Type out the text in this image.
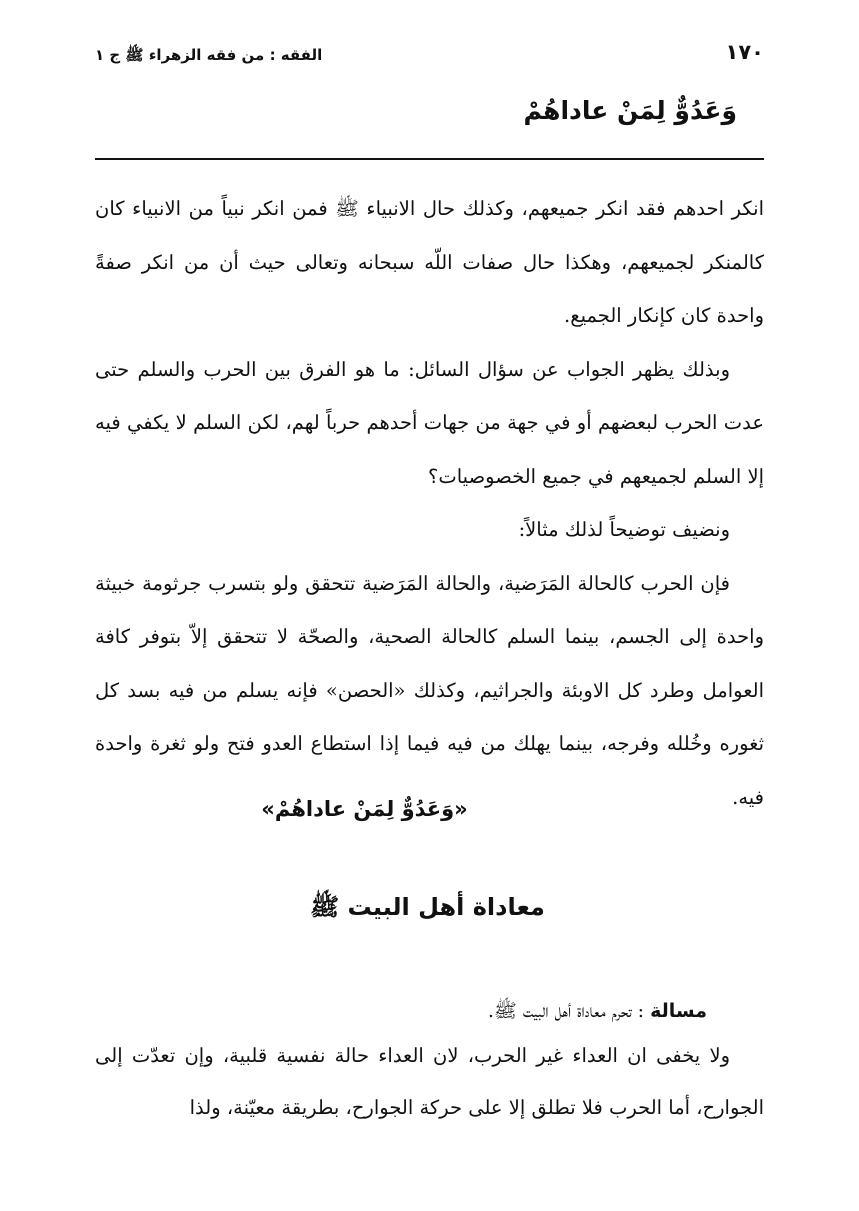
١٧٠
الفقه : من فقه الزهراء ﷺ ج ١
وَعَدُوٌّ لِمَنْ عاداهُمْ

انكر احدهم فقد انكر جميعهم، وكذلك حال الانبياء ﷺ فمن انكر نبياً من الانبياء كان كالمنكر لجميعهم، وهكذا حال صفات اللّه سبحانه وتعالى حيث أن من انكر صفةً واحدة كان كإنكار الجميع.

وبذلك يظهر الجواب عن سؤال السائل: ما هو الفرق بين الحرب والسلم حتى عدت الحرب لبعضهم أو في جهة من جهات أحدهم حرباً لهم، لكن السلم لا يكفي فيه إلا السلم لجميعهم في جميع الخصوصيات؟

ونضيف توضيحاً لذلك مثالاً:

فإن الحرب كالحالة المَرَضية، والحالة المَرَضية تتحقق ولو بتسرب جرثومة خبيثة واحدة إلى الجسم، بينما السلم كالحالة الصحية، والصحّة لا تتحقق إلاّ بتوفر كافة العوامل وطرد كل الاوبئة والجراثيم، وكذلك «الحصن» فإنه يسلم من فيه بسد كل ثغوره وخُلله وفرجه، بينما يهلك من فيه فيما إذا استطاع العدو فتح ولو ثغرة واحدة فيه.

«وَعَدُوٌّ لِمَنْ عاداهُمْ»
معاداة أهل البيت ﷺ
مسالة : تحرم معاداة أهل البيت ﷺ.

ولا يخفى ان العداء غير الحرب، لان العداء حالة نفسية قلبية، وإن تعدّت إلى الجوارح، أما الحرب فلا تطلق إلا على حركة الجوارح، بطريقة معيّنة، ولذا
